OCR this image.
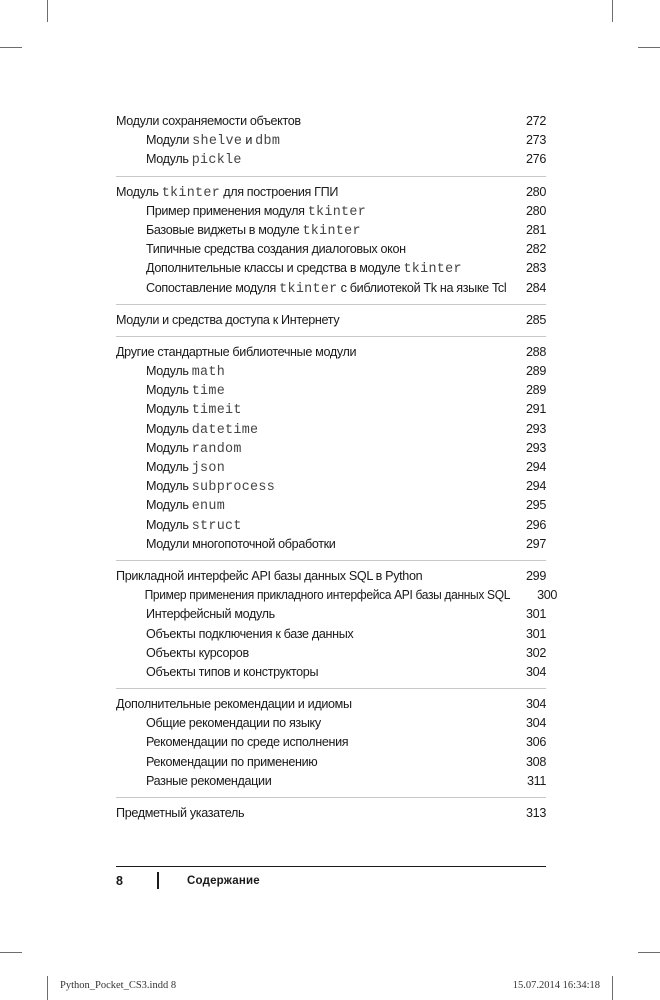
Модули сохраняемости объектов	272
Модули shelve и dbm	273
Модуль pickle	276
Модуль tkinter для построения ГПИ	280
Пример применения модуля tkinter	280
Базовые виджеты в модуле tkinter	281
Типичные средства создания диалоговых окон	282
Дополнительные классы и средства в модуле tkinter	283
Сопоставление модуля tkinter с библиотекой Tk на языке Tcl	284
Модули и средства доступа к Интернету	285
Другие стандартные библиотечные модули	288
Модуль math	289
Модуль time	289
Модуль timeit	291
Модуль datetime	293
Модуль random	293
Модуль json	294
Модуль subprocess	294
Модуль enum	295
Модуль struct	296
Модули многопоточной обработки	297
Прикладной интерфейс API базы данных SQL в Python	299
Пример применения прикладного интерфейса API базы данных SQL	300
Интерфейсный модуль	301
Объекты подключения к базе данных	301
Объекты курсоров	302
Объекты типов и конструкторы	304
Дополнительные рекомендации и идиомы	304
Общие рекомендации по языку	304
Рекомендации по среде исполнения	306
Рекомендации по применению	308
Разные рекомендации	311
Предметный указатель	313
8	Содержание
Python_Pocket_CS3.indd 8	15.07.2014 16:34:18
